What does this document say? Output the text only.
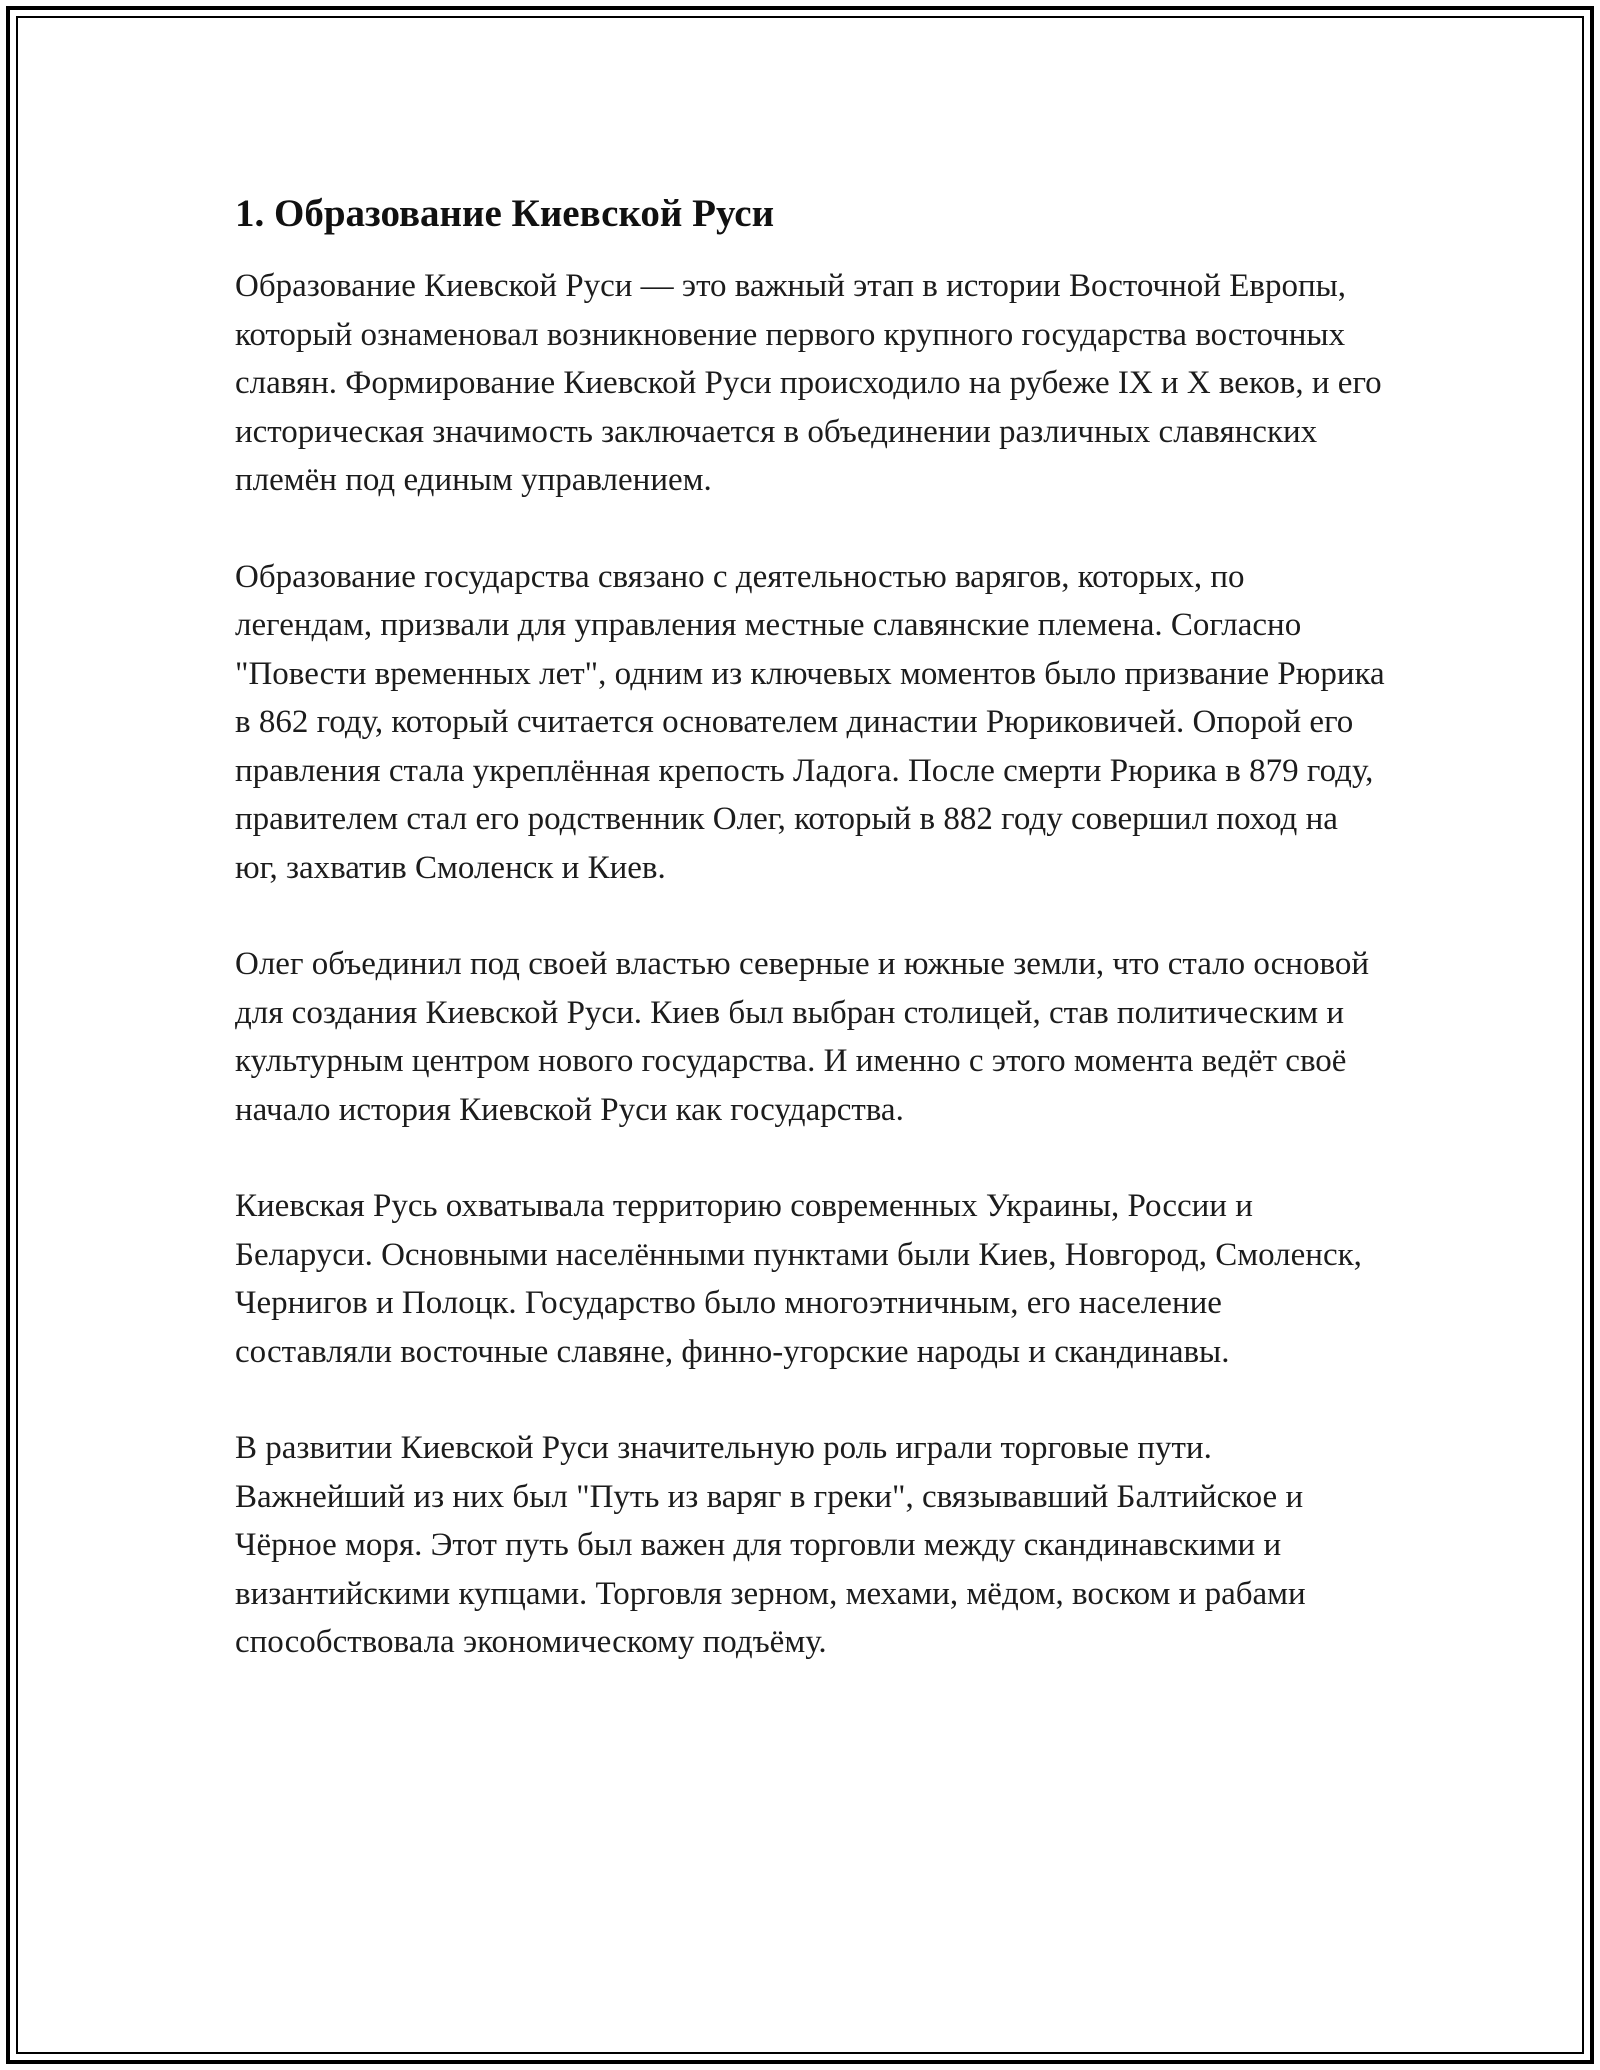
1. Образование Киевской Руси

Образование Киевской Руси — это важный этап в истории Восточной Европы, который ознаменовал возникновение первого крупного государства восточных славян. Формирование Киевской Руси происходило на рубеже IX и X веков, и его историческая значимость заключается в объединении различных славянских племён под единым управлением.

Образование государства связано с деятельностью варягов, которых, по легендам, призвали для управления местные славянские племена. Согласно "Повести временных лет", одним из ключевых моментов было призвание Рюрика в 862 году, который считается основателем династии Рюриковичей. Опорой его правления стала укреплённая крепость Ладога. После смерти Рюрика в 879 году, правителем стал его родственник Олег, который в 882 году совершил поход на юг, захватив Смоленск и Киев.

Олег объединил под своей властью северные и южные земли, что стало основой для создания Киевской Руси. Киев был выбран столицей, став политическим и культурным центром нового государства. И именно с этого момента ведёт своё начало история Киевской Руси как государства.

Киевская Русь охватывала территорию современных Украины, России и Беларуси. Основными населёнными пунктами были Киев, Новгород, Смоленск, Чернигов и Полоцк. Государство было многоэтничным, его население составляли восточные славяне, финно-угорские народы и скандинавы.

В развитии Киевской Руси значительную роль играли торговые пути. Важнейший из них был "Путь из варяг в греки", связывавший Балтийское и Чёрное моря. Этот путь был важен для торговли между скандинавскими и византийскими купцами. Торговля зерном, мехами, мёдом, воском и рабами способствовала экономическому подъёму.
